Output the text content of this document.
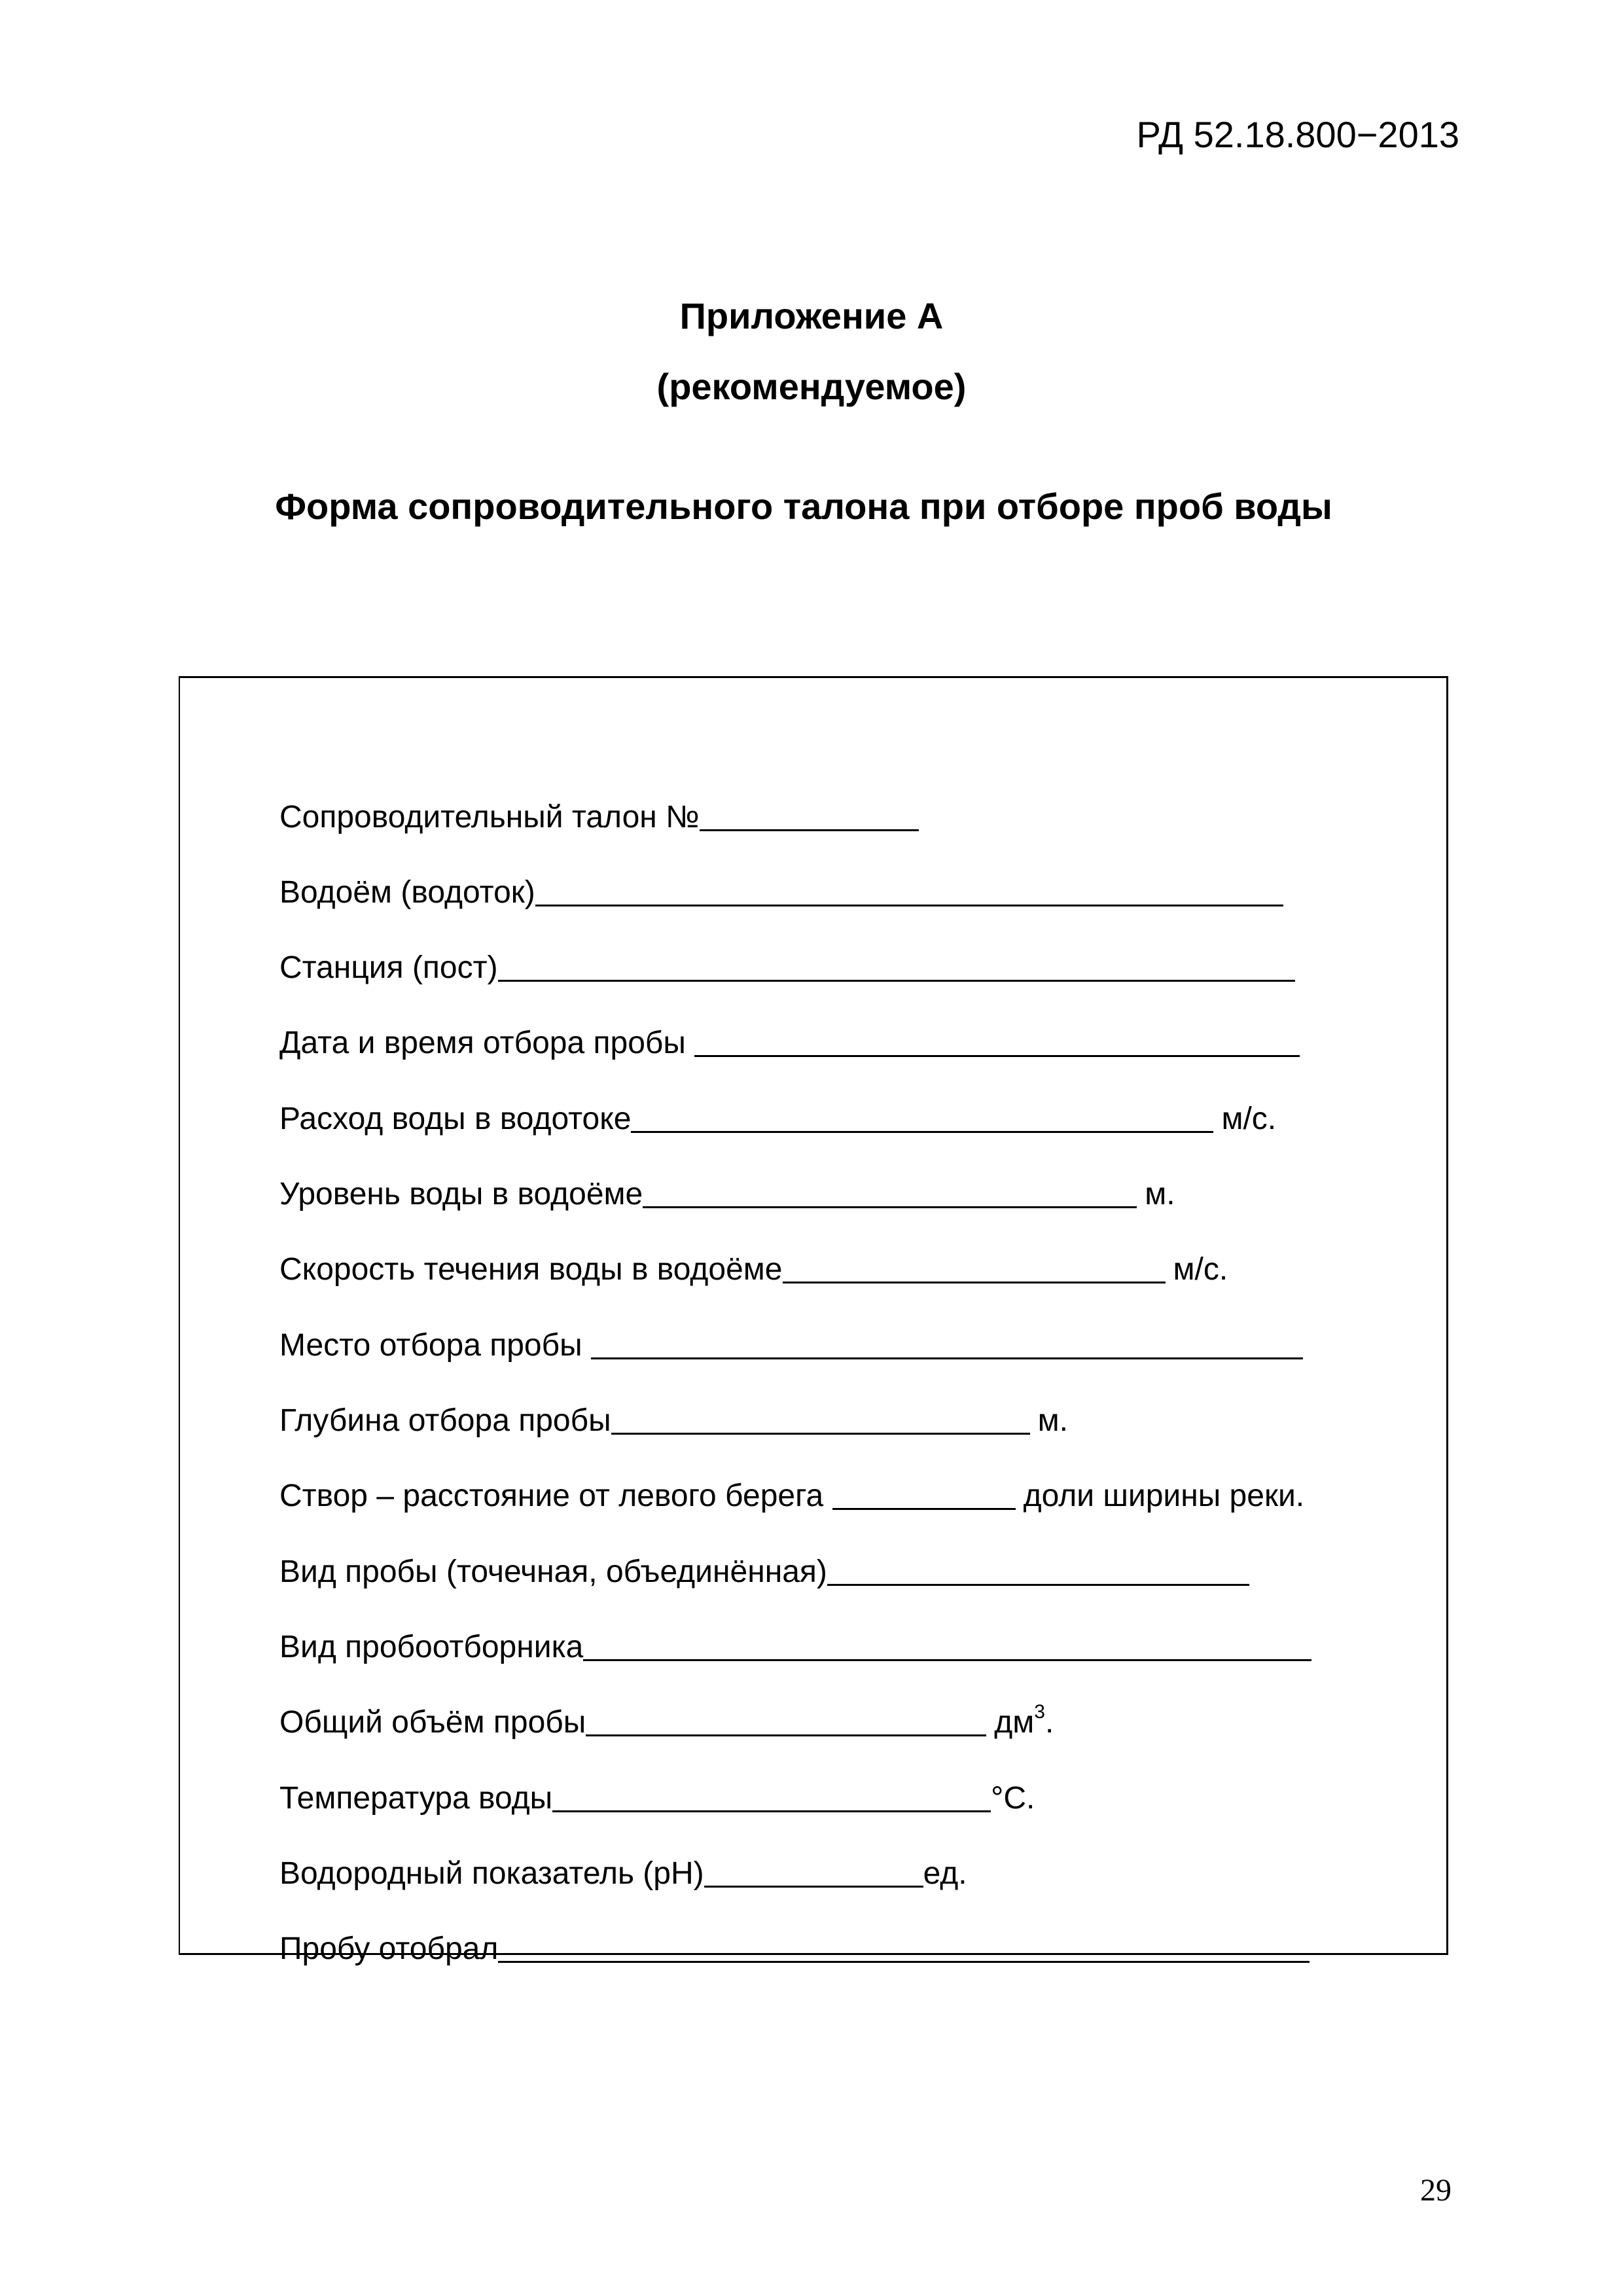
РД 52.18.800−2013
Приложение А
(рекомендуемое)
Форма сопроводительного талона при отборе проб воды
Сопроводительный талон №
Водоём (водоток)
Станция (пост)
Дата и время отбора пробы
Расход воды в водотоке	м/с.
Уровень воды в водоёме	м.
Скорость течения воды в водоёме	м/с.
Место отбора пробы
Глубина отбора пробы	м.
Створ – расстояние от левого берега	доли ширины реки.
Вид пробы (точечная, объединённая)
Вид пробоотборника
Общий объём пробы	$дм^3$.
Температура воды	°С.
Водородный показатель (рН)	ед.
Пробу отобрал
29
